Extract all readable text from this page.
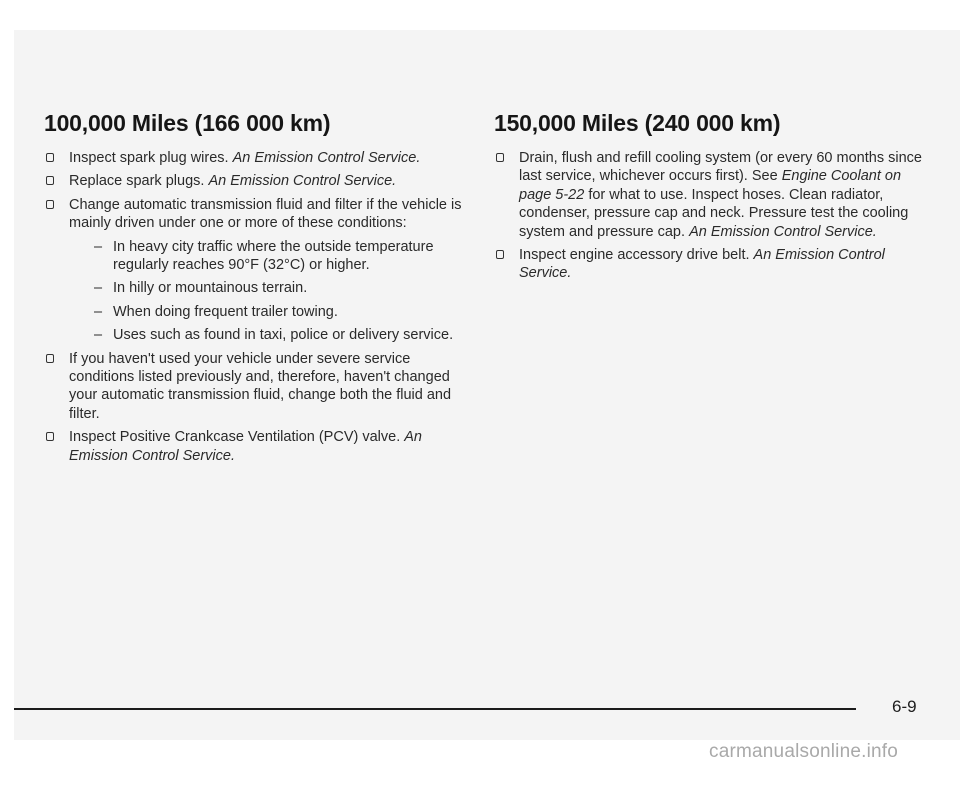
100,000 Miles (166 000 km)
Inspect spark plug wires. An Emission Control Service.
Replace spark plugs. An Emission Control Service.
Change automatic transmission fluid and filter if the vehicle is mainly driven under one or more of these conditions:
– In heavy city traffic where the outside temperature regularly reaches 90°F (32°C) or higher.
– In hilly or mountainous terrain.
– When doing frequent trailer towing.
– Uses such as found in taxi, police or delivery service.
If you haven't used your vehicle under severe service conditions listed previously and, therefore, haven't changed your automatic transmission fluid, change both the fluid and filter.
Inspect Positive Crankcase Ventilation (PCV) valve. An Emission Control Service.
150,000 Miles (240 000 km)
Drain, flush and refill cooling system (or every 60 months since last service, whichever occurs first). See Engine Coolant on page 5-22 for what to use. Inspect hoses. Clean radiator, condenser, pressure cap and neck. Pressure test the cooling system and pressure cap. An Emission Control Service.
Inspect engine accessory drive belt. An Emission Control Service.
6-9
carmanualsonline.info
